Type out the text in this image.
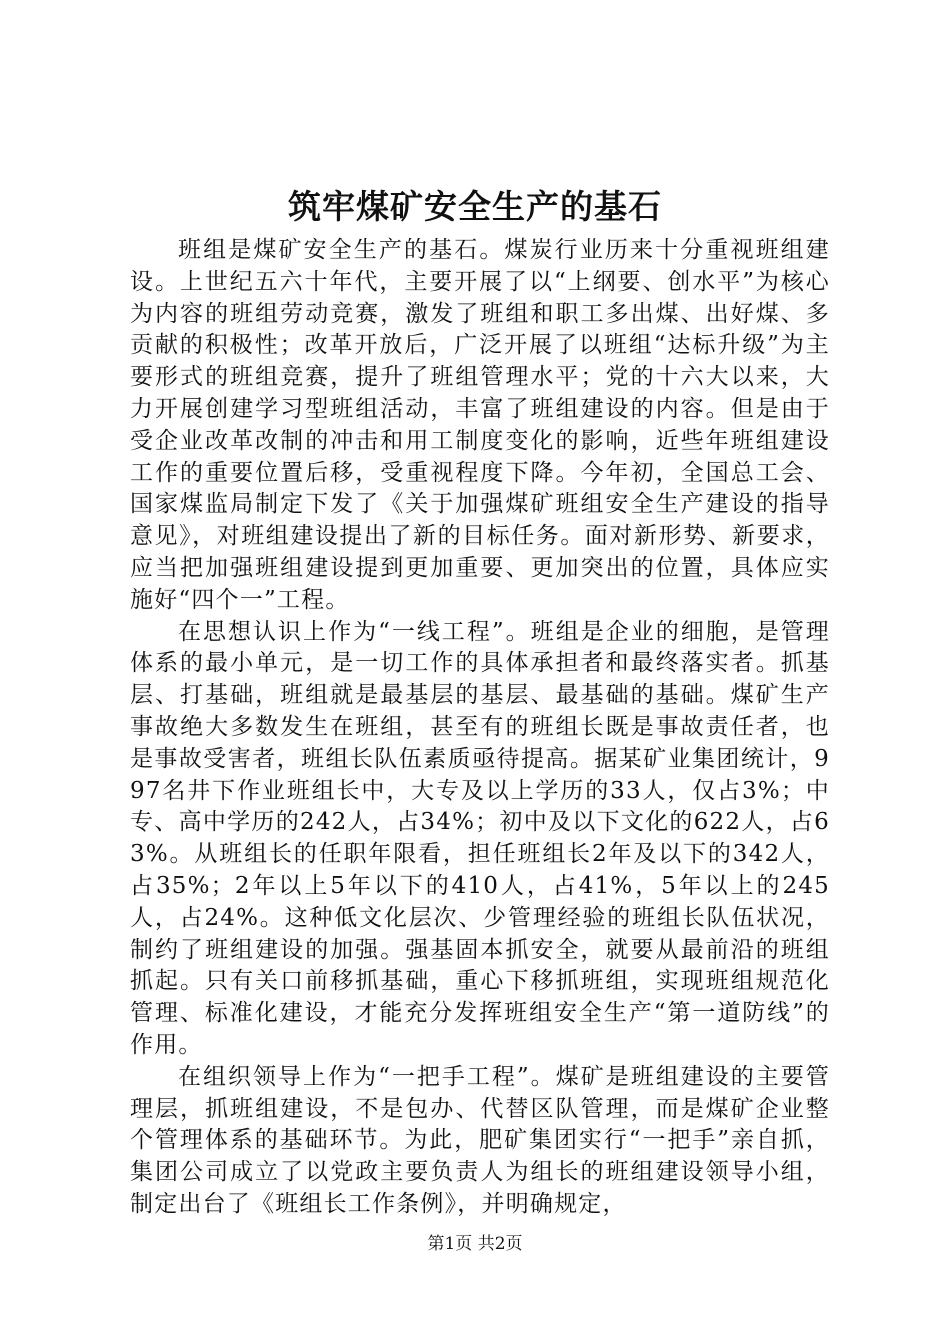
筑牢煤矿安全生产的基石

班组是煤矿安全生产的基石。煤炭行业历来十分重视班组建设。上世纪五六十年代，主要开展了以“上纲要、创水平”为核心为内容的班组劳动竞赛，激发了班组和职工多出煤、出好煤、多贡献的积极性；改革开放后，广泛开展了以班组“达标升级”为主要形式的班组竞赛，提升了班组管理水平；党的十六大以来，大力开展创建学习型班组活动，丰富了班组建设的内容。但是由于受企业改革改制的冲击和用工制度变化的影响，近些年班组建设工作的重要位置后移，受重视程度下降。今年初，全国总工会、国家煤监局制定下发了《关于加强煤矿班组安全生产建设的指导意见》，对班组建设提出了新的目标任务。面对新形势、新要求，应当把加强班组建设提到更加重要、更加突出的位置，具体应实施好“四个一”工程。

在思想认识上作为“一线工程”。班组是企业的细胞，是管理体系的最小单元，是一切工作的具体承担者和最终落实者。抓基层、打基础，班组就是最基层的基层、最基础的基础。煤矿生产事故绝大多数发生在班组，甚至有的班组长既是事故责任者，也是事故受害者，班组长队伍素质亟待提高。据某矿业集团统计，997名井下作业班组长中，大专及以上学历的33人，仅占3%；中专、高中学历的242人，占34%；初中及以下文化的622人，占63%。从班组长的任职年限看，担任班组长2年及以下的342人，占35%；2年以上5年以下的410人，占41%，5年以上的245人，占24%。这种低文化层次、少管理经验的班组长队伍状况，制约了班组建设的加强。强基固本抓安全，就要从最前沿的班组抓起。只有关口前移抓基础，重心下移抓班组，实现班组规范化管理、标准化建设，才能充分发挥班组安全生产“第一道防线”的作用。

在组织领导上作为“一把手工程”。煤矿是班组建设的主要管理层，抓班组建设，不是包办、代替区队管理，而是煤矿企业整个管理体系的基础环节。为此，肥矿集团实行“一把手”亲自抓，集团公司成立了以党政主要负责人为组长的班组建设领导小组，制定出台了《班组长工作条例》，并明确规定，

第1页 共2页
